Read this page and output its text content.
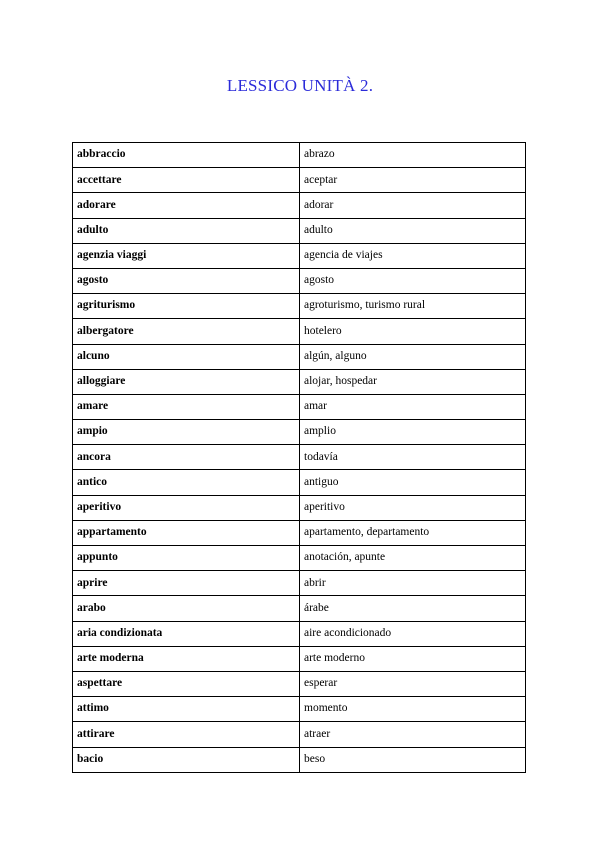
LESSICO UNITÀ 2.
abbraccio	abrazo
accettare	aceptar
adorare	adorar
adulto	adulto
agenzia viaggi	agencia de viajes
agosto	agosto
agriturismo	agroturismo, turismo rural
albergatore	hotelero
alcuno	algún, alguno
alloggiare	alojar, hospedar
amare	amar
ampio	amplio
ancora	todavía
antico	antiguo
aperitivo	aperitivo
appartamento	apartamento, departamento
appunto	anotación, apunte
aprire	abrir
arabo	árabe
aria condizionata	aire acondicionado
arte moderna	arte moderno
aspettare	esperar
attimo	momento
attirare	atraer
bacio	beso
